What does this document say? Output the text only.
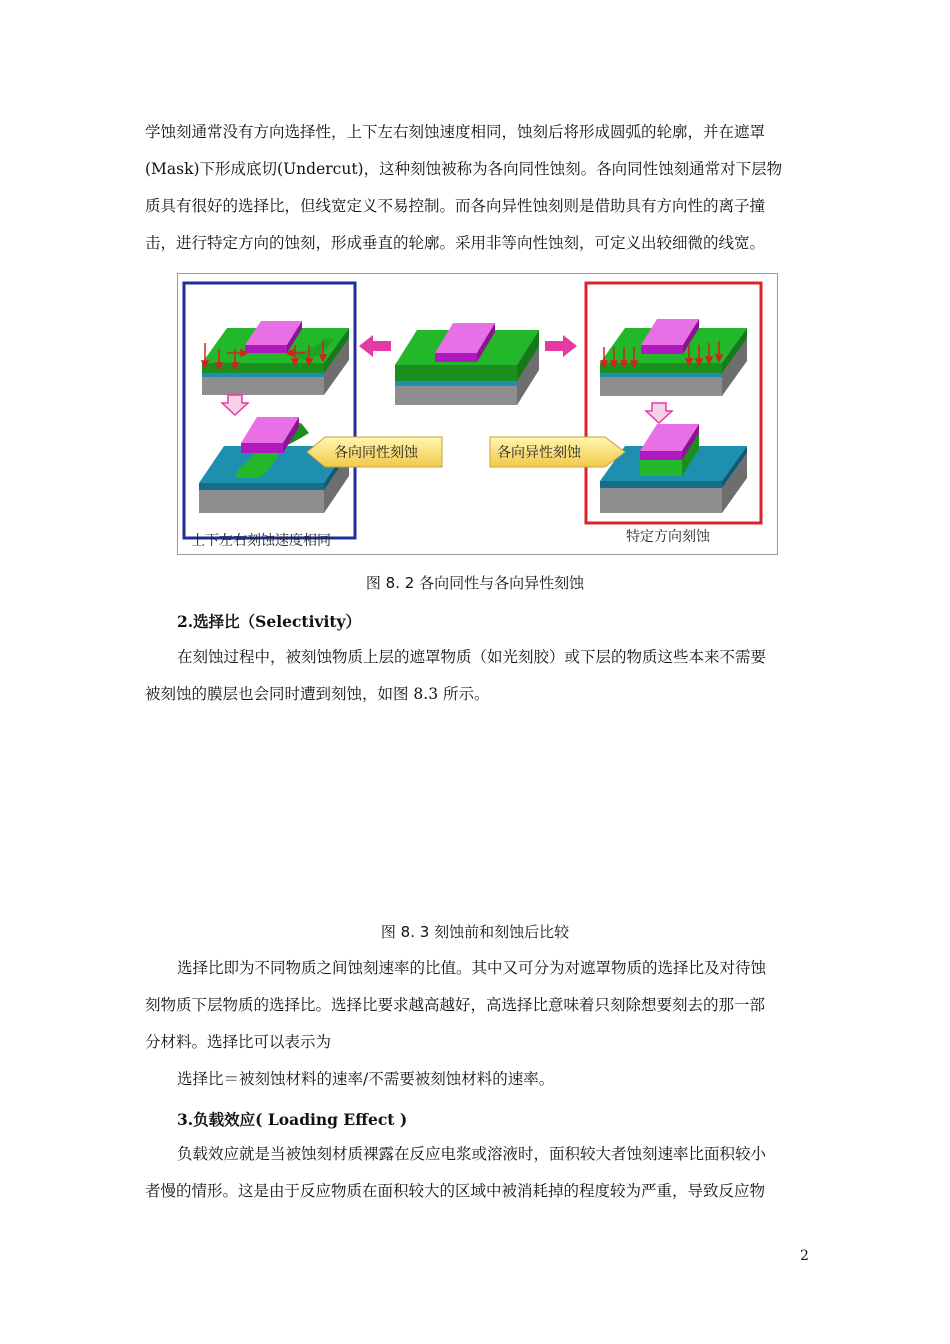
学蚀刻通常没有方向选择性，上下左右刻蚀速度相同，蚀刻后将形成圆弧的轮廓，并在遮罩
(Mask)下形成底切(Undercut)，这种刻蚀被称为各向同性蚀刻。各向同性蚀刻通常对下层物
质具有很好的选择比，但线宽定义不易控制。而各向异性蚀刻则是借助具有方向性的离子撞
击，进行特定方向的蚀刻，形成垂直的轮廓。采用非等向性蚀刻，可定义出较细微的线宽。
各向同性刻蚀	各向异性刻蚀
上下左右刻蚀速度相同	特定方向刻蚀
图 8. 2 各向同性与各向异性刻蚀
2.选择比（Selectivity）
在刻蚀过程中，被刻蚀物质上层的遮罩物质（如光刻胶）或下层的物质这些本来不需要
被刻蚀的膜层也会同时遭到刻蚀，如图 8.3 所示。
图 8. 3 刻蚀前和刻蚀后比较
选择比即为不同物质之间蚀刻速率的比值。其中又可分为对遮罩物质的选择比及对待蚀
刻物质下层物质的选择比。选择比要求越高越好，高选择比意味着只刻除想要刻去的那一部
分材料。选择比可以表示为
选择比＝被刻蚀材料的速率/不需要被刻蚀材料的速率。
3.负载效应( Loading Effect )
负载效应就是当被蚀刻材质裸露在反应电浆或溶液时，面积较大者蚀刻速率比面积较小
者慢的情形。这是由于反应物质在面积较大的区域中被消耗掉的程度较为严重，导致反应物
2
